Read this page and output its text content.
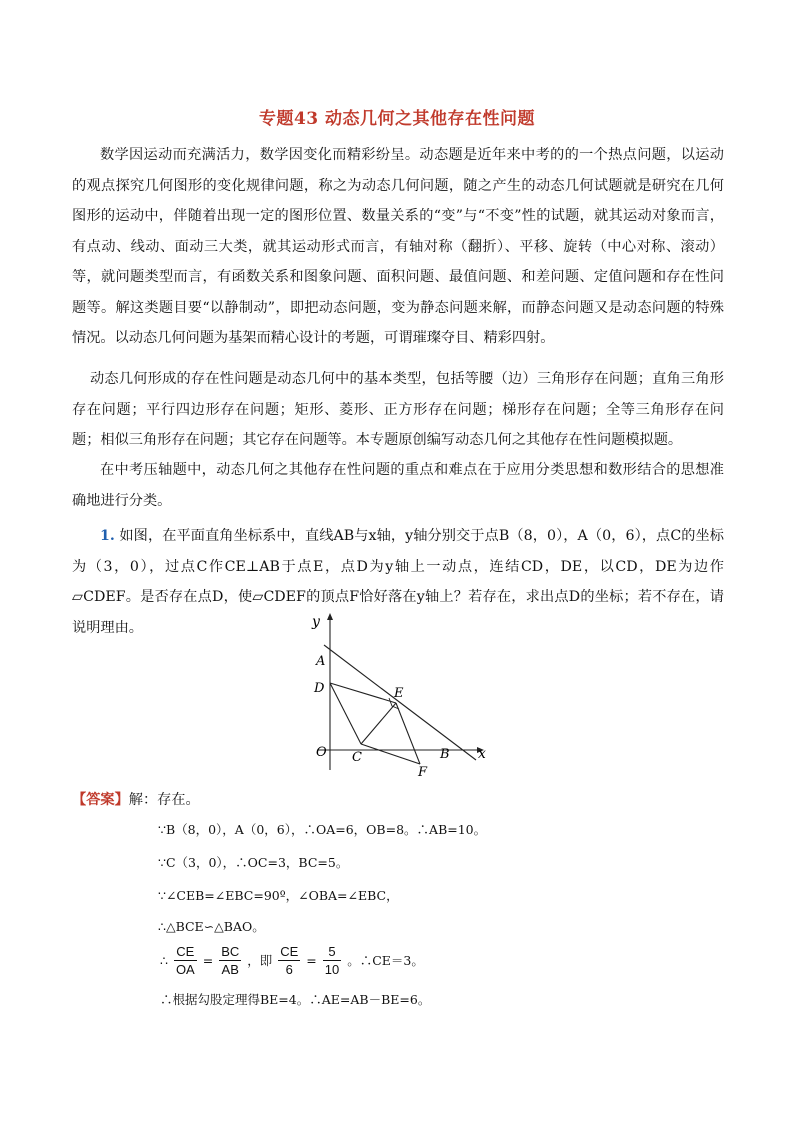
专题43 动态几何之其他存在性问题
数学因运动而充满活力，数学因变化而精彩纷呈。动态题是近年来中考的的一个热点问题，以运动的观点探究几何图形的变化规律问题，称之为动态几何问题，随之产生的动态几何试题就是研究在几何图形的运动中，伴随着出现一定的图形位置、数量关系的“变”与“不变”性的试题，就其运动对象而言，有点动、线动、面动三大类，就其运动形式而言，有轴对称（翻折）、平移、旋转（中心对称、滚动）等，就问题类型而言，有函数关系和图象问题、面积问题、最值问题、和差问题、定值问题和存在性问题等。解这类题目要“以静制动”，即把动态问题，变为静态问题来解，而静态问题又是动态问题的特殊情况。以动态几何问题为基架而精心设计的考题，可谓璀璨夺目、精彩四射。
动态几何形成的存在性问题是动态几何中的基本类型，包括等腰（边）三角形存在问题；直角三角形存在问题；平行四边形存在问题；矩形、菱形、正方形存在问题；梯形存在问题；全等三角形存在问题；相似三角形存在问题；其它存在问题等。本专题原创编写动态几何之其他存在性问题模拟题。
在中考压轴题中，动态几何之其他存在性问题的重点和难点在于应用分类思想和数形结合的思想准确地进行分类。
1. 如图，在平面直角坐标系中，直线AB与x轴，y轴分别交于点B（8，0），A（0，6），点C的坐标为（3，0），过点C作CE⊥AB于点E，点D为y轴上一动点，连结CD，DE，以CD，DE为边作▱CDEF。是否存在点D，使▱CDEF的顶点F恰好落在y轴上？若存在，求出点D的坐标；若不存在，请说明理由。	y
x
A
D	E
O C	B
F
【答案】解：存在。
∵B（8，0），A（0，6），∴OA=6，OB=8。∴AB=10。
∵C（3，0），∴OC=3，BC=5。
∵∠CEB=∠EBC=90º，∠OBA=∠EBC，
∴△BCE∽△BAO。
∴ $\frac{CE}{OA} = \frac{BC}{AB}$ ，即 $\frac{CE}{6} = \frac{5}{10}$ 。∴CE＝3。
∴根据勾股定理得BE=4。∴AE=AB－BE=6。
